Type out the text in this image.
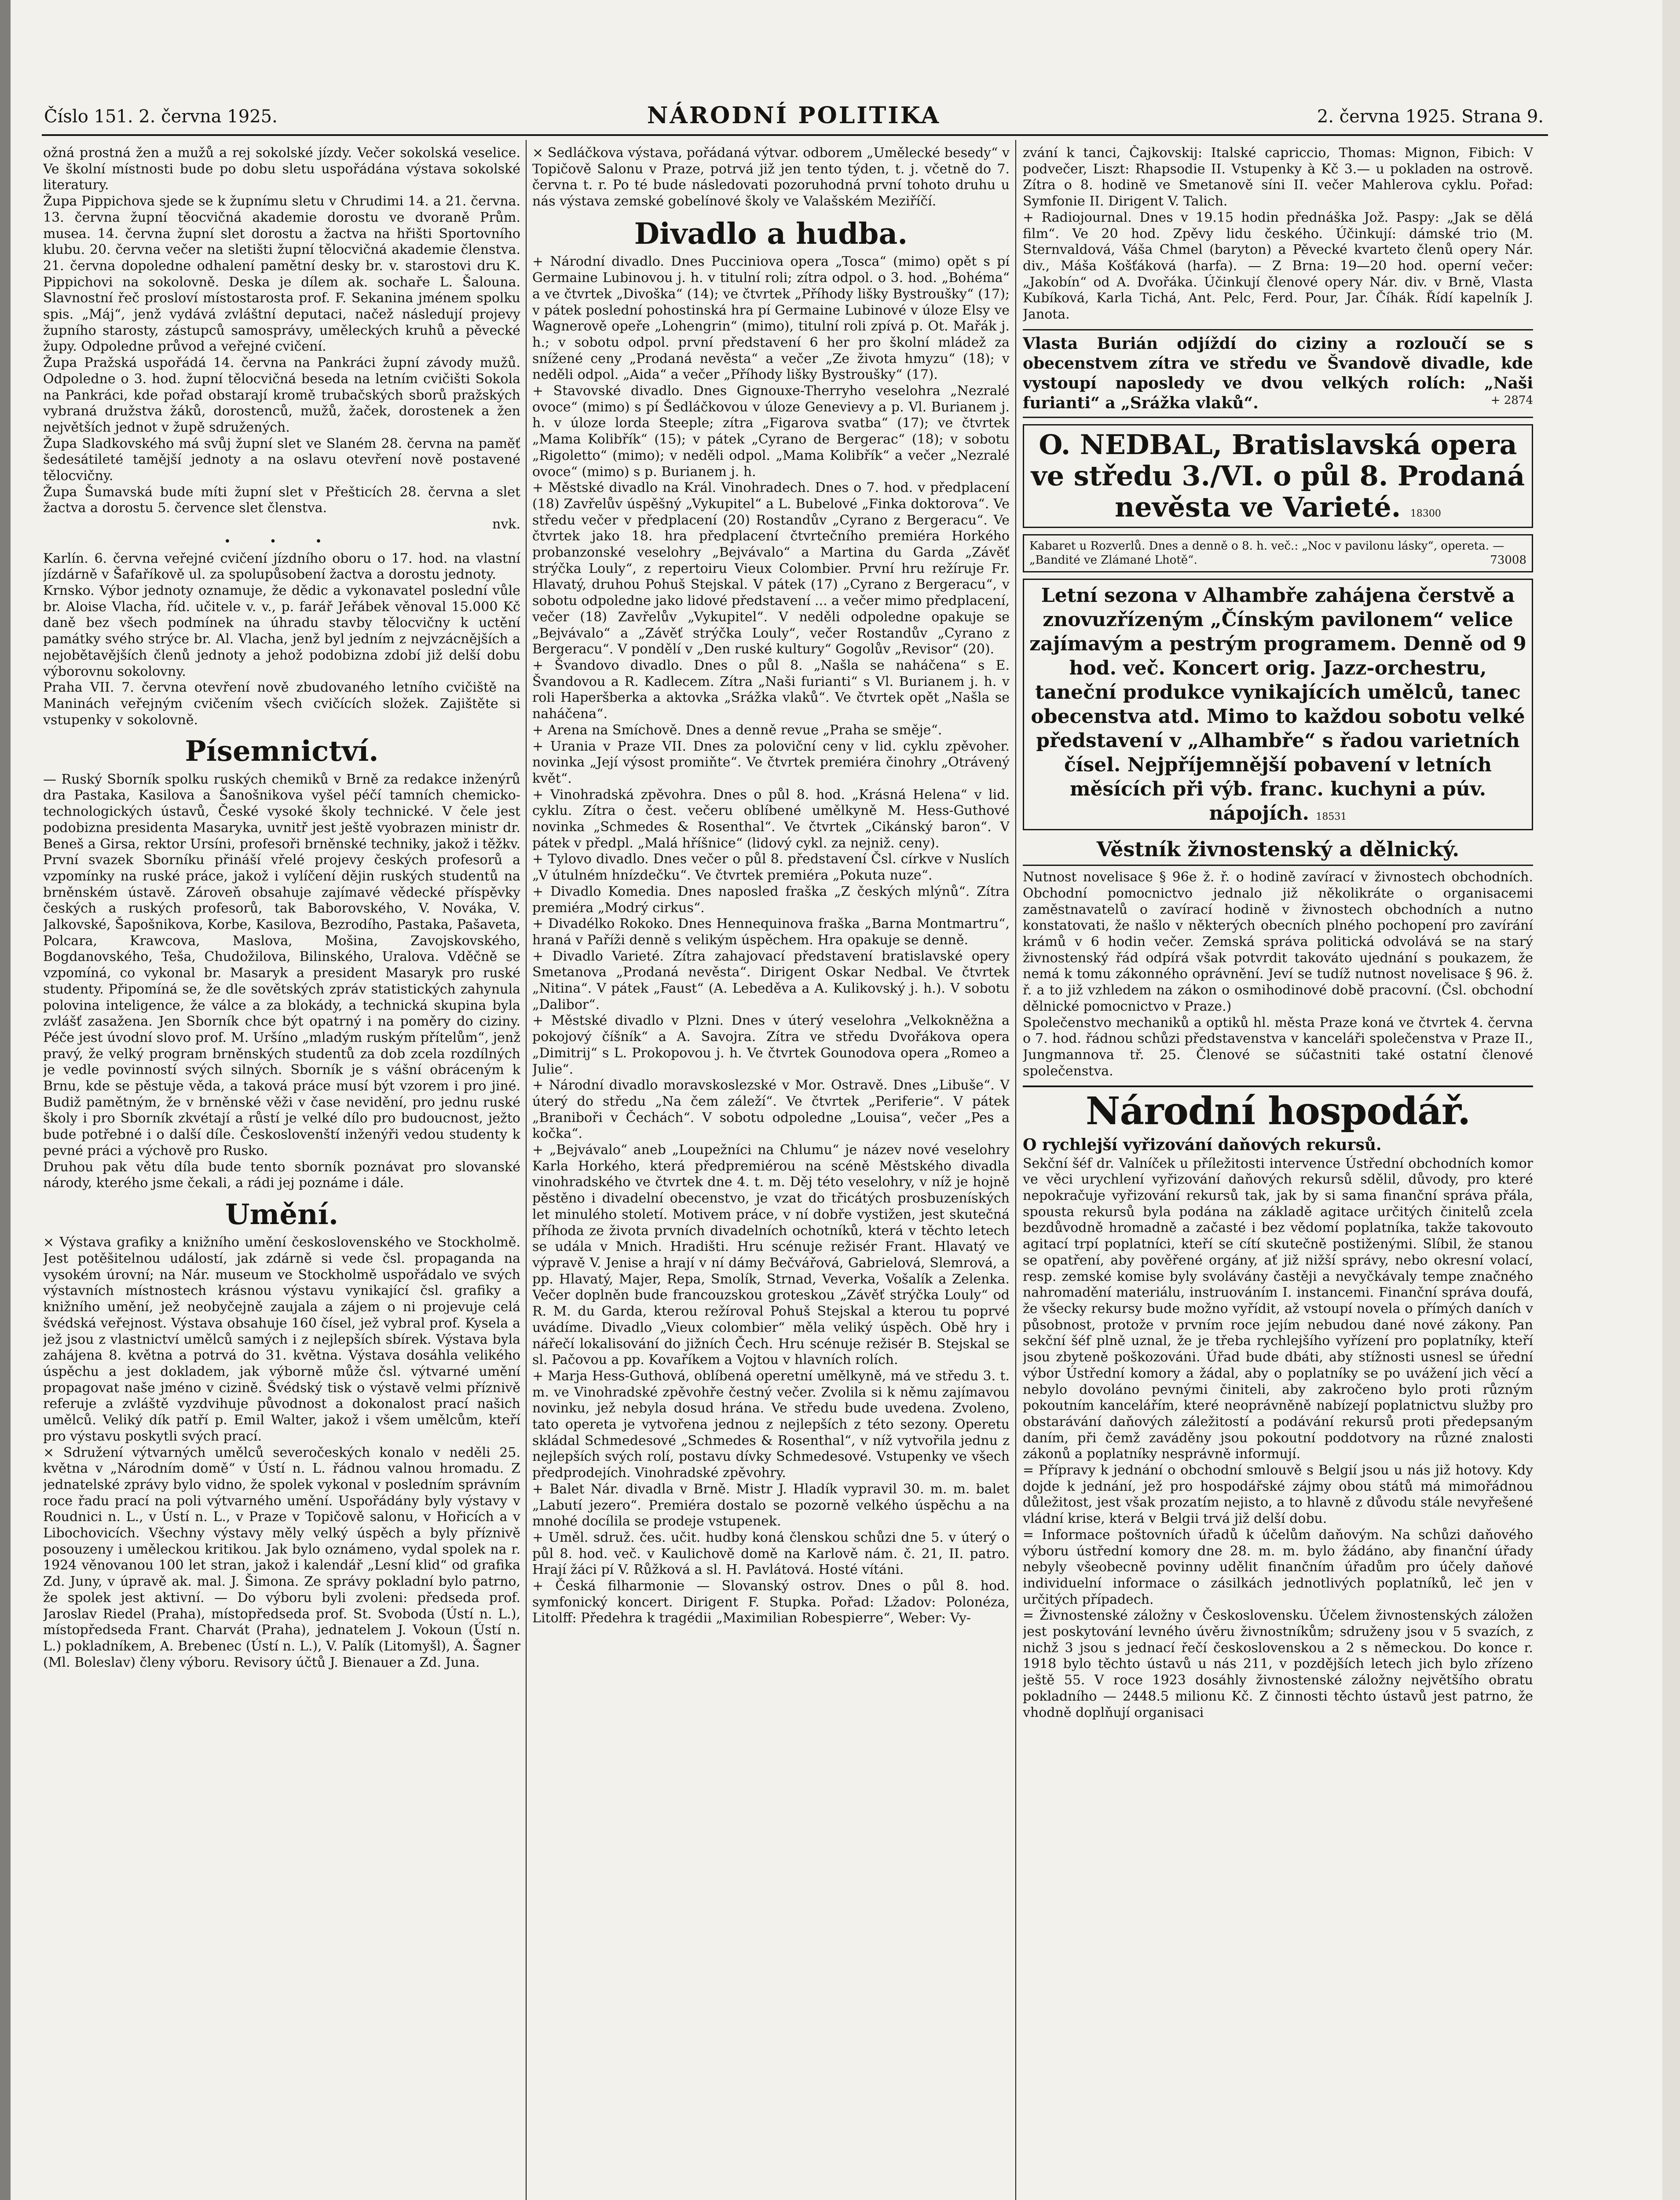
Číslo 151. 2. června 1925.	NÁRODNÍ POLITIKA	2. června 1925. Strana 9.

ožná prostná žen a mužů a rej sokolské jízdy. Večer sokolská veselice. Ve školní místnosti bude po dobu sletu uspořádána výstava sokolské literatury.

Župa Pippichova sjede se k župnímu sletu v Chrudimi 14. a 21. června. 13. června župní těocvičná akademie dorostu ve dvoraně Prům. musea. 14. června župní slet dorostu a žactva na hřišti Sportovního klubu. 20. června večer na sletišti župní tělocvičná akademie členstva. 21. června dopoledne odhalení pamětní desky br. v. starostovi dru K. Pippichovi na sokolovně. Deska je dílem ak. sochaře L. Šalouna. Slavnostní řeč prosloví místostarosta prof. F. Sekanina jménem spolku spis. „Máj“, jenž vydává zvláštní deputaci, načež následují projevy župního starosty, zástupců samosprávy, uměleckých kruhů a pěvecké župy. Odpoledne průvod a veřejné cvičení.

Župa Pražská uspořádá 14. června na Pankráci župní závody mužů. Odpoledne o 3. hod. župní tělocvičná beseda na letním cvičišti Sokola na Pankráci, kde pořad obstarají kromě trubačských sborů pražských vybraná družstva žáků, dorostenců, mužů, žaček, dorostenek a žen největších jednot v župě sdružených.

Župa Sladkovského má svůj župní slet ve Slaném 28. června na paměť šedesátileté tamější jednoty a na oslavu otevření nově postavené tělocvičny.

Župa Šumavská bude míti župní slet v Přešticích 28. června a slet žactva a dorostu 5. července slet členstva.

nvk.

• • •

Karlín. 6. června veřejné cvičení jízdního oboru o 17. hod. na vlastní jízdárně v Šafaříkově ul. za spolupůsobení žactva a dorostu jednoty.

Krnsko. Výbor jednoty oznamuje, že dědic a vykonavatel poslední vůle br. Aloise Vlacha, říd. učitele v. v., p. farář Jeřábek věnoval 15.000 Kč daně bez všech podmínek na úhradu stavby tělocvičny k uctění památky svého strýce br. Al. Vlacha, jenž byl jedním z nejvzácnějších a nejobětavějších členů jednoty a jehož podobizna zdobí již delší dobu výborovnu sokolovny.

Praha VII. 7. června otevření nově zbudovaného letního cvičiště na Maninách veřejným cvičením všech cvičících složek. Zajištěte si vstupenky v sokolovně.

Písemnictví.

— Ruský Sborník spolku ruských chemiků v Brně za redakce inženýrů dra Pastaka, Kasilova a Šanošnikova vyšel péčí tamních chemicko-technologických ústavů, České vysoké školy technické. V čele jest podobizna presidenta Masaryka, uvnitř jest ještě vyobrazen ministr dr. Beneš a Girsa, rektor Ursíni, profesoři brněnské techniky, jakož i těžkv. První svazek Sborníku přináší vřelé projevy českých profesorů a vzpomínky na ruské práce, jakož i vylíčení dějin ruských studentů na brněnském ústavě. Zároveň obsahuje zajímavé vědecké příspěvky českých a ruských profesorů, tak Baborovského, V. Nováka, V. Jalkovské, Šapošnikova, Korbe, Kasilova, Bezrodího, Pastaka, Pašaveta, Polcara, Krawcova, Maslova, Mošina, Zavojskovského, Bogdanovského, Teša, Chudožilova, Bilinského, Uralova. Vděčně se vzpomíná, co vykonal br. Masaryk a president Masaryk pro ruské studenty. Připomíná se, že dle sovětských zpráv statistických zahynula polovina inteligence, že válce a za blokády, a technická skupina byla zvlášť zasažena. Jen Sborník chce být opatrný i na poměry do ciziny. Péče jest úvodní slovo prof. M. Uršíno „mladým ruským přítelům“, jenž pravý, že velký program brněnských studentů za dob zcela rozdílných je vedle povinností svých silných. Sborník je s vášní obráceným k Brnu, kde se pěstuje věda, a taková práce musí být vzorem i pro jiné. Budiž pamětným, že v brněnské věži v čase nevidění, pro jednu ruské školy i pro Sborník zkvétají a růstí je velké dílo pro budoucnost, ježto bude potřebné i o další díle. Českoslovenští inženýři vedou studenty k pevné práci a výchově pro Rusko.

Druhou pak větu díla bude tento sborník poznávat pro slovanské národy, kterého jsme čekali, a rádi jej poznáme i dále.

Umění.

× Výstava grafiky a knižního umění československého ve Stockholmě. Jest potěšitelnou událostí, jak zdárně si vede čsl. propaganda na vysokém úrovní; na Nár. museum ve Stockholmě uspořádalo ve svých výstavních místnostech krásnou výstavu vynikající čsl. grafiky a knižního umění, jež neobyčejně zaujala a zájem o ni projevuje celá švédská veřejnost. Výstava obsahuje 160 čísel, jež vybral prof. Kysela a jež jsou z vlastnictví umělců samých i z nejlepších sbírek. Výstava byla zahájena 8. května a potrvá do 31. května. Výstava dosáhla velikého úspěchu a jest dokladem, jak výborně může čsl. výtvarné umění propagovat naše jméno v cizině. Švédský tisk o výstavě velmi příznivě referuje a zvláště vyzdvihuje původnost a dokonalost prací našich umělců. Veliký dík patří p. Emil Walter, jakož i všem umělcům, kteří pro výstavu poskytli svých prací.

× Sdružení výtvarných umělců severočeských konalo v neděli 25. května v „Národním domě“ v Ústí n. L. řádnou valnou hromadu. Z jednatelské zprávy bylo vidno, že spolek vykonal v posledním správním roce řadu prací na poli výtvarného umění. Uspořádány byly výstavy v Roudnici n. L., v Ústí n. L., v Praze v Topičově salonu, v Hořicích a v Libochovicích. Všechny výstavy měly velký úspěch a byly příznivě posouzeny i uměleckou kritikou. Jak bylo oznámeno, vydal spolek na r. 1924 věnovanou 100 let stran, jakož i kalendář „Lesní klid“ od grafika Zd. Juny, v úpravě ak. mal. J. Šimona. Ze správy pokladní bylo patrno, že spolek jest aktivní. — Do výboru byli zvoleni: předseda prof. Jaroslav Riedel (Praha), místopředseda prof. St. Svoboda (Ústí n. L.), místopředseda Frant. Charvát (Praha), jednatelem J. Vokoun (Ústí n. L.) pokladníkem, A. Brebenec (Ústí n. L.), V. Palík (Litomyšl), A. Šagner (Ml. Boleslav) členy výboru. Revisory účtů J. Bienauer a Zd. Juna.

× Sedláčkova výstava, pořádaná výtvar. odborem „Umělecké besedy“ v Topičově Salonu v Praze, potrvá již jen tento týden, t. j. včetně do 7. června t. r. Po té bude následovati pozoruhodná první tohoto druhu u nás výstava zemské gobelínové školy ve Valašském Meziříčí.

Divadlo a hudba.

+ Národní divadlo. Dnes Pucciniova opera „Tosca“ (mimo) opět s pí Germaine Lubinovou j. h. v titulní roli; zítra odpol. o 3. hod. „Bohéma“ a ve čtvrtek „Divoška“ (14); ve čtvrtek „Příhody lišky Bystroušky“ (17); v pátek poslední pohostinská hra pí Germaine Lubinové v úloze Elsy ve Wagnerově opeře „Lohengrin“ (mimo), titulní roli zpívá p. Ot. Mařák j. h.; v sobotu odpol. první představení 6 her pro školní mládež za snížené ceny „Prodaná nevěsta“ a večer „Ze života hmyzu“ (18); v neděli odpol. „Aida“ a večer „Příhody lišky Bystroušky“ (17).

+ Stavovské divadlo. Dnes Gignouxe-Therryho veselohra „Nezralé ovoce“ (mimo) s pí Šedláčkovou v úloze Genevievy a p. Vl. Burianem j. h. v úloze lorda Steeple; zítra „Figarova svatba“ (17); ve čtvrtek „Mama Kolibřík“ (15); v pátek „Cyrano de Bergerac“ (18); v sobotu „Rigoletto“ (mimo); v neděli odpol. „Mama Kolibřík“ a večer „Nezralé ovoce“ (mimo) s p. Burianem j. h.

+ Městské divadlo na Král. Vinohradech. Dnes o 7. hod. v předplacení (18) Zavřelův úspěšný „Vykupitel“ a L. Bubelové „Finka doktorova“. Ve středu večer v předplacení (20) Rostandův „Cyrano z Bergeracu“. Ve čtvrtek jako 18. hra předplacení čtvrtečního premiéra Horkého probanzonské veselohry „Bejvávalo“ a Martina du Garda „Závěť strýčka Louly“, z repertoiru Vieux Colombier. První hru režíruje Fr. Hlavatý, druhou Pohuš Stejskal. V pátek (17) „Cyrano z Bergeracu“, v sobotu odpoledne jako lidové představení ... a večer mimo předplacení, večer (18) Zavřelův „Vykupitel“. V neděli odpoledne opakuje se „Bejvávalo“ a „Závěť strýčka Louly“, večer Rostandův „Cyrano z Bergeracu“. V pondělí v „Den ruské kultury“ Gogolův „Revisor“ (20).

+ Švandovo divadlo. Dnes o půl 8. „Našla se naháčena“ s E. Švandovou a R. Kadlecem. Zítra „Naši furianti“ s Vl. Burianem j. h. v roli Haperšberka a aktovka „Srážka vlaků“. Ve čtvrtek opět „Našla se naháčena“.

+ Arena na Smíchově. Dnes a denně revue „Praha se směje“.

+ Urania v Praze VII. Dnes za poloviční ceny v lid. cyklu zpěvoher. novinka „Její výsost promiňte“. Ve čtvrtek premiéra činohry „Otrávený květ“.

+ Vinohradská zpěvohra. Dnes o půl 8. hod. „Krásná Helena“ v lid. cyklu. Zítra o čest. večeru oblíbené umělkyně M. Hess-Guthové novinka „Schmedes & Rosenthal“. Ve čtvrtek „Cikánský baron“. V pátek v předpl. „Malá hříšnice“ (lidový cykl. za nejniž. ceny).

+ Tylovo divadlo. Dnes večer o půl 8. představení Čsl. církve v Nuslích „V útulném hnízdečku“. Ve čtvrtek premiéra „Pokuta nuze“.

+ Divadlo Komedia. Dnes naposled fraška „Z českých mlýnů“. Zítra premiéra „Modrý cirkus“.

+ Divadélko Rokoko. Dnes Hennequinova fraška „Barna Montmartru“, hraná v Paříži denně s velikým úspěchem. Hra opakuje se denně.

+ Divadlo Varieté. Zítra zahajovací představení bratislavské opery Smetanova „Prodaná nevěsta“. Dirigent Oskar Nedbal. Ve čtvrtek „Nitina“. V pátek „Faust“ (A. Lebeděva a A. Kulikovský j. h.). V sobotu „Dalibor“.

+ Městské divadlo v Plzni. Dnes v úterý veselohra „Velkokněžna a pokojový číšník“ a A. Savojra. Zítra ve středu Dvořákova opera „Dimitrij“ s L. Prokopovou j. h. Ve čtvrtek Gounodova opera „Romeo a Julie“.

+ Národní divadlo moravskoslezské v Mor. Ostravě. Dnes „Libuše“. V úterý do středu „Na čem záleží“. Ve čtvrtek „Periferie“. V pátek „Braniboři v Čechách“. V sobotu odpoledne „Louisa“, večer „Pes a kočka“.

+ „Bejvávalo“ aneb „Loupežníci na Chlumu“ je název nové veselohry Karla Horkého, která předpremiérou na scéně Městského divadla vinohradského ve čtvrtek dne 4. t. m. Děj této veselohry, v níž je hojně pěstěno i divadelní obecenstvo, je vzat do třicátých prosbuzeníských let minulého století. Motivem práce, v ní dobře vystižen, jest skutečná příhoda ze života prvních divadelních ochotníků, která v těchto letech se udála v Mnich. Hradišti. Hru scénuje režisér Frant. Hlavatý ve výpravě V. Jenise a hrají v ní dámy Bečvářová, Gabrielová, Slemrová, a pp. Hlavatý, Majer, Repa, Smolík, Strnad, Veverka, Vošalík a Zelenka. Večer doplněn bude francouzskou groteskou „Závěť strýčka Louly“ od R. M. du Garda, kterou režíroval Pohuš Stejskal a kterou tu poprvé uvádíme. Divadlo „Vieux colombier“ měla veliký úspěch. Obě hry i nářečí lokalisování do jižních Čech. Hru scénuje režisér B. Stejskal se sl. Pačovou a pp. Kovaříkem a Vojtou v hlavních rolích.

+ Marja Hess-Guthová, oblíbená operetní umělkyně, má ve středu 3. t. m. ve Vinohradské zpěvohře čestný večer. Zvolila si k němu zajímavou novinku, jež nebyla dosud hrána. Ve středu bude uvedena. Zvoleno, tato opereta je vytvořena jednou z nejlepších z této sezony. Operetu skládal Schmedesové „Schmedes & Rosenthal“, v níž vytvořila jednu z nejlepších svých rolí, postavu dívky Schmedesové. Vstupenky ve všech předprodejích. Vinohradské zpěvohry.

+ Balet Nár. divadla v Brně. Mistr J. Hladík vypravil 30. m. m. balet „Labutí jezero“. Premiéra dostalo se pozorně velkého úspěchu a na mnohé docílila se prodeje vstupenek.

+ Uměl. sdruž. čes. učit. hudby koná členskou schůzi dne 5. v úterý o půl 8. hod. več. v Kaulichově domě na Karlově nám. č. 21, II. patro. Hrají žáci pí V. Růžková a sl. H. Pavlátová. Hosté vítáni.

+ Česká filharmonie — Slovanský ostrov. Dnes o půl 8. hod. symfonický koncert. Dirigent F. Stupka. Pořad: Lžadov: Polonéza, Litolff: Předehra k tragédii „Maximilian Robespierre“, Weber: Vy-

zvání k tanci, Čajkovskij: Italské capriccio, Thomas: Mignon, Fibich: V podvečer, Liszt: Rhapsodie II. Vstupenky à Kč 3.— u pokladen na ostrově. Zítra o 8. hodině ve Smetanově síni II. večer Mahlerova cyklu. Pořad: Symfonie II. Dirigent V. Talich.

+ Radiojournal. Dnes v 19.15 hodin přednáška Jož. Paspy: „Jak se dělá film“. Ve 20 hod. Zpěvy lidu českého. Účinkují: dámské trio (M. Sternvaldová, Váša Chmel (baryton) a Pěvecké kvarteto členů opery Nár. div., Máša Košťáková (harfa). — Z Brna: 19—20 hod. operní večer: „Jakobín“ od A. Dvořáka. Účinkují členové opery Nár. div. v Brně, Vlasta Kubíková, Karla Tichá, Ant. Pelc, Ferd. Pour, Jar. Číhák. Řídí kapelník J. Janota.

Vlasta Burián odjíždí do ciziny a rozloučí se s obecenstvem zítra ve středu ve Švandově divadle, kde vystoupí naposledy ve dvou velkých rolích: „Naši furianti“ a „Srážka vlaků“.	+ 2874
O. NEDBAL, Bratislavská opera ve středu 3./VI. o půl 8. Prodaná nevěsta ve Varieté. 18300
Kabaret u Rozverlů. Dnes a denně o 8. h. več.: „Noc v pavilonu lásky“, opereta. — „Bandité ve Zlámané Lhotě“.	73008
Letní sezona v Alhambře zahájena čerstvě a znovuzřízeným „Čínským pavilonem“ velice zajímavým a pestrým programem. Denně od 9 hod. več. Koncert orig. Jazz-orchestru, taneční produkce vynikajících umělců, tanec obecenstva atd. Mimo to každou sobotu velké představení v „Alhambře“ s řadou varietních čísel. Nejpříjemnější pobavení v letních měsících při výb. franc. kuchyni a púv. nápojích. 18531
Věstník živnostenský a dělnický.

Nutnost novelisace § 96e ž. ř. o hodině zavírací v živnostech obchodních. Obchodní pomocnictvo jednalo již několikráte o organisacemi zaměstnavatelů o zavírací hodině v živnostech obchodních a nutno konstatovati, že našlo v některých obecních plného pochopení pro zavírání krámů v 6 hodin večer. Zemská správa politická odvolává se na starý živnostenský řád odpírá však potvrdit takováto ujednání s poukazem, že nemá k tomu zákonného oprávnění. Jeví se tudíž nutnost novelisace § 96. ž. ř. a to již vzhledem na zákon o osmihodinové době pracovní. (Čsl. obchodní dělnické pomocnictvo v Praze.)

Společenstvo mechaniků a optiků hl. města Praze koná ve čtvrtek 4. června o 7. hod. řádnou schůzi představenstva v kanceláři společenstva v Praze II., Jungmannova tř. 25. Členové se súčastniti také ostatní členové společenstva.

Národní hospodář.

O rychlejší vyřizování daňových rekursů.

Sekční šéf dr. Valníček u příležitosti intervence Ústřední obchodních komor ve věci urychlení vyřizování daňových rekursů sdělil, důvody, pro které nepokračuje vyřizování rekursů tak, jak by si sama finanční správa přála, spousta rekursů byla podána na základě agitace určitých činitelů zcela bezdůvodně hromadně a začasté i bez vědomí poplatníka, takže takovouto agitací trpí poplatníci, kteří se cítí skutečně postiženými. Slíbil, že stanou se opatření, aby pověřené orgány, ať již nižší správy, nebo okresní volací, resp. zemské komise byly svolávány častěji a nevyčkávaly tempe značného nahromadění materiálu, instruováním I. instancemi. Finanční správa doufá, že všecky rekursy bude možno vyřídit, až vstoupí novela o přímých daních v působnost, protože v prvním roce jejím nebudou dané nové zákony. Pan sekční šéf plně uznal, že je třeba rychlejšího vyřízení pro poplatníky, kteří jsou zbyteně poškozováni. Úřad bude dbáti, aby stížnosti usnesl se úřední výbor Ústřední komory a žádal, aby o poplatníky se po uvážení jich věcí a nebylo dovoláno pevnými činiteli, aby zakročeno bylo proti různým pokoutním kancelářím, které neoprávněně nabízejí poplatnictvu služby pro obstarávání daňových záležitostí a podávání rekursů proti předepsaným daním, při čemž zaváděny jsou pokoutní poddotvory na různé znalosti zákonů a poplatníky nesprávně informují.

= Přípravy k jednání o obchodní smlouvě s Belgií jsou u nás již hotovy. Kdy dojde k jednání, jež pro hospodářské zájmy obou států má mimořádnou důležitost, jest však prozatím nejisto, a to hlavně z důvodu stále nevyřešené vládní krise, která v Belgii trvá již delší dobu.

= Informace poštovních úřadů k účelům daňovým. Na schůzi daňového výboru ústřední komory dne 28. m. m. bylo žádáno, aby finanční úřady nebyly všeobecně povinny udělit finančním úřadům pro účely daňové individuelní informace o zásilkách jednotlivých poplatníků, leč jen v určitých případech.

= Živnostenské záložny v Československu. Účelem živnostenských záložen jest poskytování levného úvěru živnostníkům; sdruženy jsou v 5 svazích, z nichž 3 jsou s jednací řečí československou a 2 s německou. Do konce r. 1918 bylo těchto ústavů u nás 211, v pozdějších letech jich bylo zřízeno ještě 55. V roce 1923 dosáhly živnostenské záložny největšího obratu pokladního — 2448.5 milionu Kč. Z činnosti těchto ústavů jest patrno, že vhodně doplňují organisaci
